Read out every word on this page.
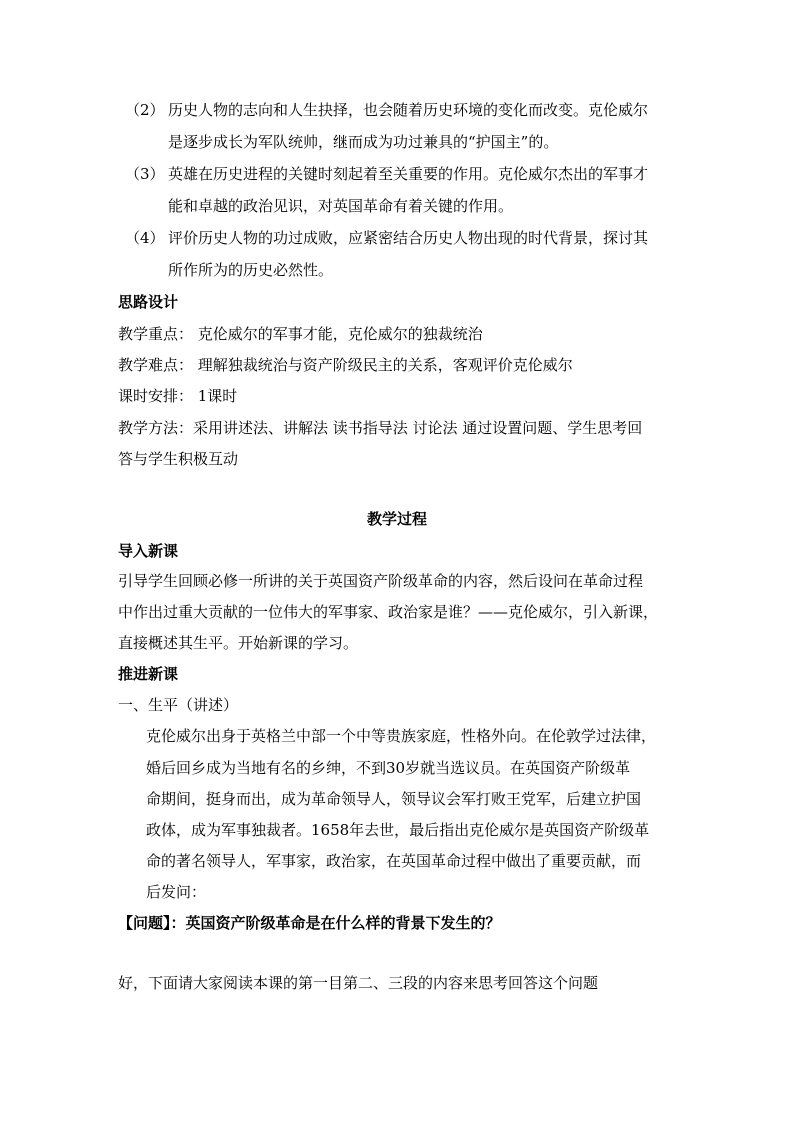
（2） 历史人物的志向和人生抉择，也会随着历史环境的变化而改变。克伦威尔
是逐步成长为军队统帅，继而成为功过兼具的“护国主”的。
（3） 英雄在历史进程的关键时刻起着至关重要的作用。克伦威尔杰出的军事才
能和卓越的政治见识，对英国革命有着关键的作用。
（4） 评价历史人物的功过成败，应紧密结合历史人物出现的时代背景，探讨其
所作所为的历史必然性。
思路设计
教学重点： 克伦威尔的军事才能，克伦威尔的独裁统治
教学难点： 理解独裁统治与资产阶级民主的关系，客观评价克伦威尔
课时安排： 1课时
教学方法：采用讲述法、讲解法 读书指导法 讨论法 通过设置问题、学生思考回
答与学生积极互动
教学过程
导入新课
引导学生回顾必修一所讲的关于英国资产阶级革命的内容，然后设问在革命过程
中作出过重大贡献的一位伟大的军事家、政治家是谁？——克伦威尔，引入新课，
直接概述其生平。开始新课的学习。
推进新课
一、生平（讲述）
克伦威尔出身于英格兰中部一个中等贵族家庭，性格外向。在伦敦学过法律，
婚后回乡成为当地有名的乡绅，不到30岁就当选议员。在英国资产阶级革
命期间，挺身而出，成为革命领导人，领导议会军打败王党军，后建立护国
政体，成为军事独裁者。1658年去世，最后指出克伦威尔是英国资产阶级革
命的著名领导人，军事家，政治家，在英国革命过程中做出了重要贡献，而
后发问：
【问题】：英国资产阶级革命是在什么样的背景下发生的？
好，下面请大家阅读本课的第一目第二、三段的内容来思考回答这个问题
